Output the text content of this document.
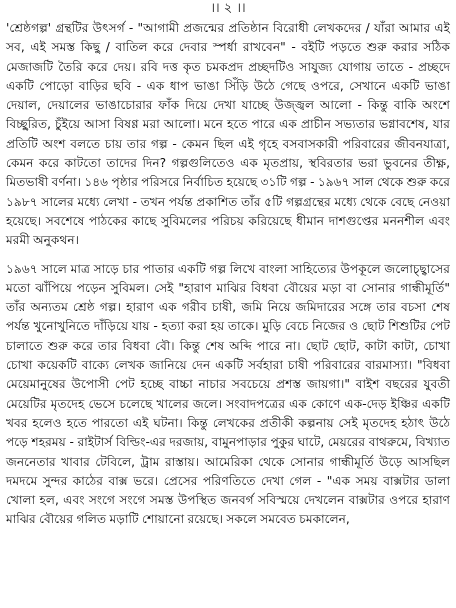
।। ২ ।।

'শ্রেষ্ঠগল্প' গ্রন্থটির উৎসর্গ - "আগামী প্রজন্মের প্রতিষ্ঠান বিরোধী লেখকদের / যাঁরা আমার এই সব, এই সমস্ত কিছু / বাতিল করে দেবার স্পর্ধা রাখবেন" - বইটি পড়তে শুরু করার সঠিক মেজাজটি তৈরি করে দেয়। রবি দত্ত কৃত চমকপ্রদ প্রচ্ছদটিও সাযুজ্য যোগায় তাতে - প্রচ্ছদে একটি পোড়ো বাড়ির ছবি - এক ধাপ ভাঙা সিঁড়ি উঠে গেছে ওপরে, সেখানে একটি ভাঙা দেয়াল, দেয়ালের ভাঙাচোরার ফাঁক দিয়ে দেখা যাচ্ছে উজ্জ্বল আলো - কিন্তু বাকি অংশে বিচ্ছুরিত, চুঁইয়ে আসা বিষণ্ণ মরা আলো। মনে হতে পারে এক প্রাচীন সভ্যতার ভগ্নাবশেষ, যার প্রতিটি অংশ বলতে চায় তার গল্প - কেমন ছিল এই গৃহে বসবাসকারী পরিবারের জীবনযাত্রা, কেমন করে কাটতো তাদের দিন? গল্পগুলিতেও এক মৃতপ্রায়, স্থবিরতার ভরা ভুবনের তীক্ষ্ণ, মিতভাষী বর্ণনা। ১৪৬ পৃষ্ঠার পরিসরে নির্বাচিত হয়েছে ৩১টি গল্প - ১৯৬৭ সাল থেকে শুরু করে ১৯৮৭ সালের মধ্যে লেখা - তখন পর্যন্ত প্রকাশিত তাঁর ৫টি গল্পগ্রন্থের মধ্যে থেকে বেছে নেওয়া হয়েছে। সবশেষে পাঠকের কাছে সুবিমলের পরিচয় করিয়েছে ধীমান দাশগুপ্তের মননশীল এবং মরমী অনুকথন।

১৯৬৭ সালে মাত্র সাড়ে চার পাতার একটি গল্প লিখে বাংলা সাহিত্যের উপকূলে জলোচ্ছ্বাসের মতো ঝাঁপিয়ে পড়েন সুবিমল। সেই "হারাণ মাঝির বিধবা বৌয়ের মড়া বা সোনার গান্ধীমূর্তি" তাঁর অন্যতম শ্রেষ্ঠ গল্প। হারাণ এক গরীব চাষী, জমি নিয়ে জমিদারের সঙ্গে তার বচসা শেষ পর্যন্ত খুনোখুনিতে দাঁড়িয়ে যায় - হত্যা করা হয় তাকে। মুড়ি বেচে নিজের ও ছোট শিশুটির পেট চালাতে শুরু করে তার বিধবা বৌ। কিন্তু শেষ অব্দি পারে না। ছোট ছোট, কাটা কাটা, চোখা চোখা কয়েকটি বাক্যে লেখক জানিয়ে দেন একটি সর্বহারা চাষী পরিবারের বারমাস্যা। "বিধবা মেয়েমানুষের উপোসী পেট হচ্ছে বাচ্চা নাচার সবচেয়ে প্রশস্ত জায়গা।" বাইশ বছরের যুবতী মেয়েটির মৃতদেহ ভেসে চলেছে খালের জলে। সংবাদপত্রের এক কোণে এক-দেড় ইঞ্চির একটি খবর হলেও হতে পারতো এই ঘটনা। কিন্তু লেখকের প্রতীকী কল্পনায় সেই মৃতদেহ হঠাৎ উঠে পড়ে শহরময় - রাইটার্স বিল্ডিং-এর দরজায়, বামুনপাড়ার পুকুর ঘাটে, মেয়রের বাথরুমে, বিখ্যাত জননেতার খাবার টেবিলে, ট্রাম রাস্তায়। আমেরিকা থেকে সোনার গান্ধীমূর্তি উড়ে আসছিল দমদমে সুন্দর কাঠের বাক্স ভরে। প্রেসের পরিণতিতে দেখা গেল - "এক সময় বাক্সটার ডালা খোলা হল, এবং সংগে সংগে সমস্ত উপস্থিত জনবর্গ সবিস্ময়ে দেখলেন বাক্সটার ওপরে হারাণ মাঝির বৌয়ের গলিত মড়াটি শোয়ানো রয়েছে। সকলে সমবেত চমকালেন,
